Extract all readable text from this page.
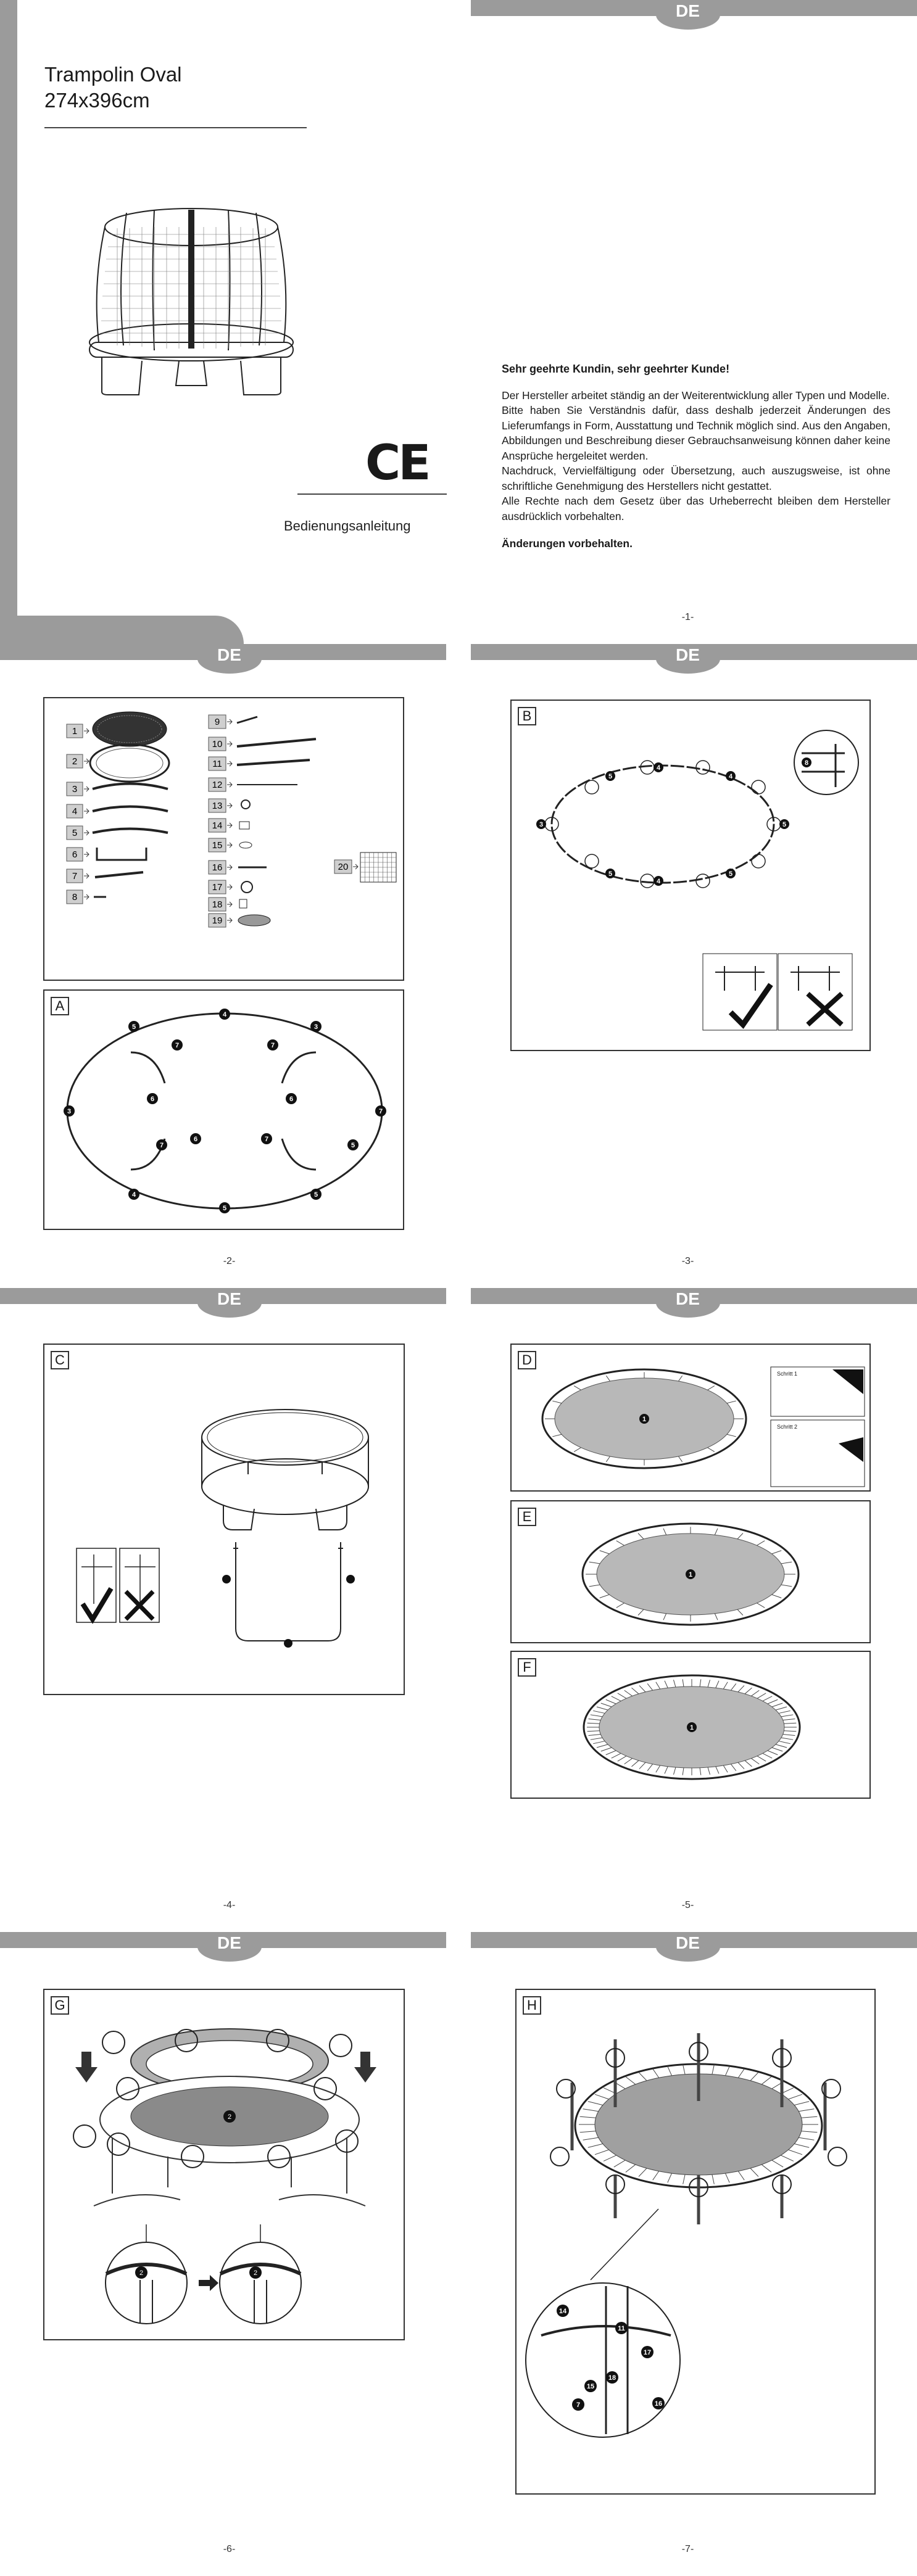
Trampolin Oval
274x396cm
CE
Bedienungsanleitung
DE
Sehr geehrte Kundin, sehr geehrter Kunde!
Der Hersteller arbeitet ständig an der Weiterentwicklung aller Typen und Modelle.
Bitte haben Sie Verständnis dafür, dass deshalb jederzeit Änderungen des Lieferumfangs in Form, Ausstattung und Technik möglich sind. Aus den Angaben, Abbildungen und Beschreibung dieser Gebrauchsanweisung können daher keine Ansprüche hergeleitet werden.
Nachdruck, Vervielfältigung oder Übersetzung, auch auszugsweise, ist ohne schriftliche Genehmigung des Herstellers nicht gestattet.
Alle Rechte nach dem Gesetz über das Urheberrecht bleiben dem Hersteller ausdrücklich vorbehalten.
Änderungen vorbehalten.
-1-
DE
1
2
3
4
5
6
7
8
9
10
11
12
13
14
15
16
17
18
19
20
A
4
5
3
6
7
7
6
7
3
5
4	5
7
6
7
5
-2-
DE
B
4
5
3
5
4
5
5
4
8
-3-
DE
C
-4-
DE
D
1
Schritt 1
Schritt 2
E
1
F
1
-5-
DE
G
2
2	2
-6-
DE
H
14
11
17
18
15
7	16
-7-
